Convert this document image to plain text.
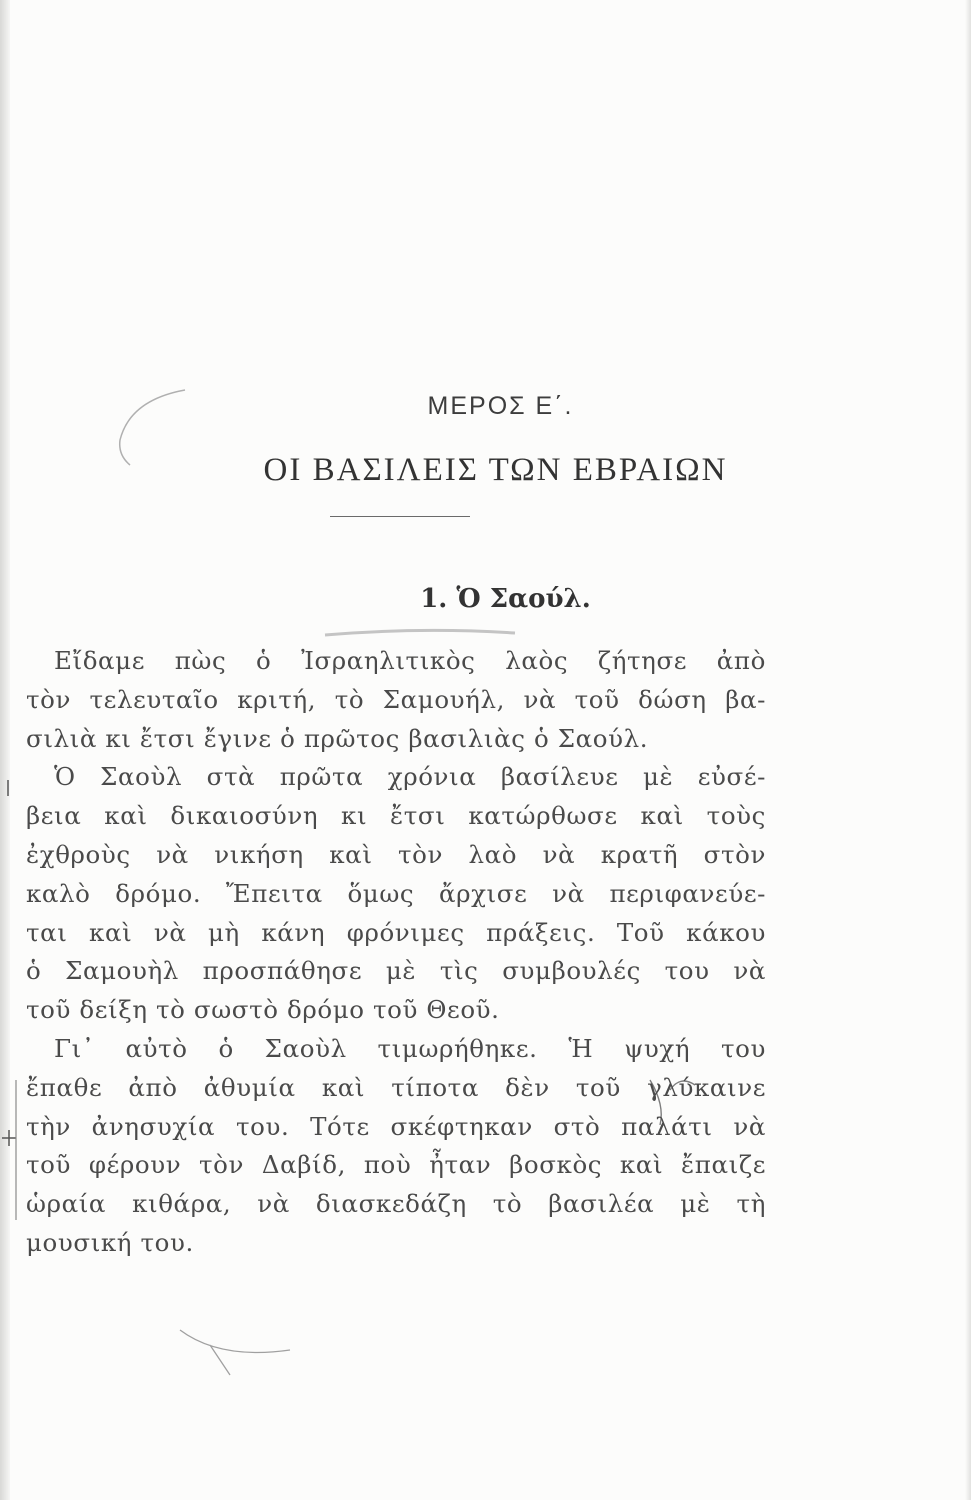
ΜΕΡΟΣ Ε΄.
ΟΙ ΒΑΣΙΛΕΙΣ ΤΩΝ ΕΒΡΑΙΩΝ
1. Ὁ Σαούλ.
Εἴδαμε πὼς ὁ Ἰσραηλιτικὸς λαὸς ζήτησε ἀπὸ
τὸν τελευταῖο κριτή, τὸ Σαμουήλ, νὰ τοῦ δώση βα-
σιλιὰ κι ἔτσι ἔγινε ὁ πρῶτος βασιλιὰς ὁ Σαούλ.
Ὁ Σαοὺλ στὰ πρῶτα χρόνια βασίλευε μὲ εὐσέ-
βεια καὶ δικαιοσύνη κι ἔτσι κατώρθωσε καὶ τοὺς
ἐχθροὺς νὰ νικήση καὶ τὸν λαὸ νὰ κρατῆ στὸν
καλὸ δρόμο. Ἔπειτα ὅμως ἄρχισε νὰ περιφανεύε-
ται καὶ νὰ μὴ κάνη φρόνιμες πράξεις. Τοῦ κάκου
ὁ Σαμουὴλ προσπάθησε μὲ τὶς συμβουλές του νὰ
τοῦ δείξη τὸ σωστὸ δρόμο τοῦ Θεοῦ.
Γι᾽ αὐτὸ ὁ Σαοὺλ τιμωρήθηκε. Ἡ ψυχή του
ἔπαθε ἀπὸ ἀθυμία καὶ τίποτα δὲν τοῦ γλύκαινε
τὴν ἀνησυχία του. Τότε σκέφτηκαν στὸ παλάτι νὰ
τοῦ φέρουν τὸν Δαβίδ, ποὺ ἦταν βοσκὸς καὶ ἔπαιζε
ὡραία κιθάρα, νὰ διασκεδάζη τὸ βασιλέα μὲ τὴ
μουσική του.
